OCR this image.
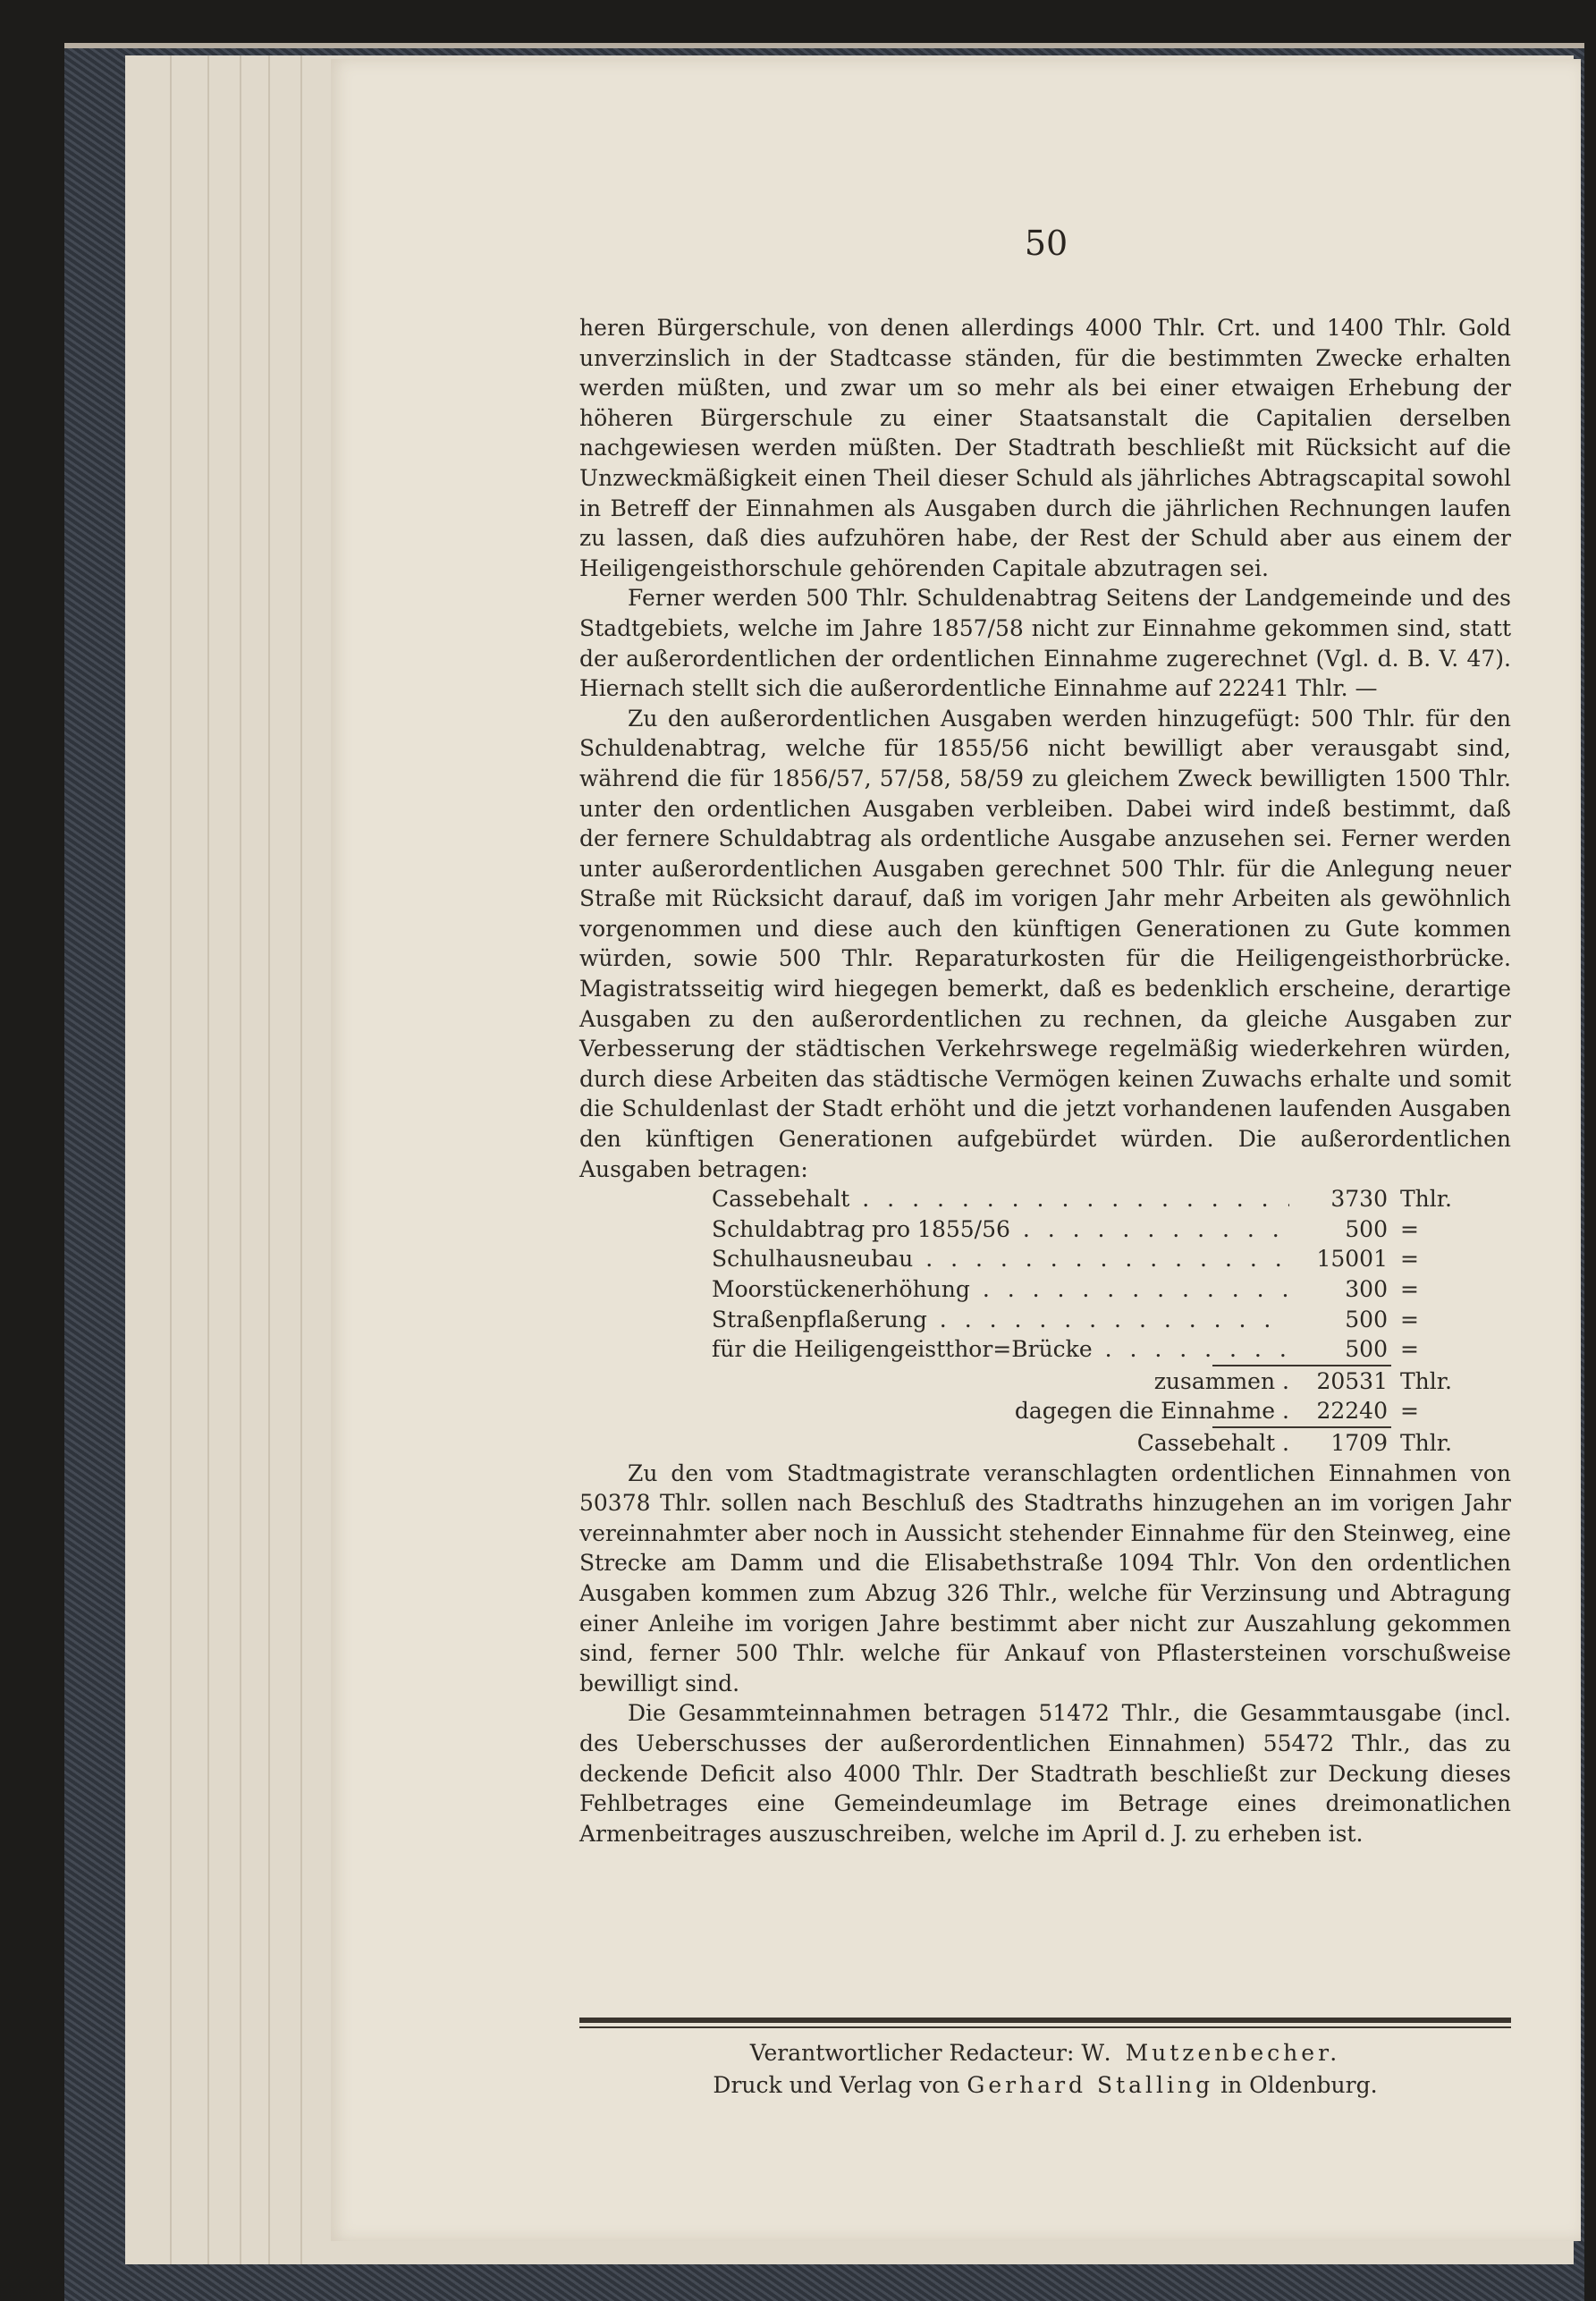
50

heren Bürgerschule, von denen allerdings 4000 Thlr. Crt. und 1400 Thlr. Gold unverzinslich in der Stadtcasse ständen, für die bestimmten Zwecke erhalten werden müßten, und zwar um so mehr als bei einer etwaigen Erhebung der höheren Bürgerschule zu einer Staatsanstalt die Capitalien derselben nachgewiesen werden müßten. Der Stadtrath beschließt mit Rücksicht auf die Unzweckmäßigkeit einen Theil dieser Schuld als jährliches Abtragscapital sowohl in Betreff der Einnahmen als Ausgaben durch die jährlichen Rechnungen laufen zu lassen, daß dies aufzuhören habe, der Rest der Schuld aber aus einem der Heiligengeisthorschule gehörenden Capitale abzutragen sei.

Ferner werden 500 Thlr. Schuldenabtrag Seitens der Landgemeinde und des Stadtgebiets, welche im Jahre 1857/58 nicht zur Einnahme gekommen sind, statt der außerordentlichen der ordentlichen Einnahme zugerechnet (Vgl. d. B. V. 47). Hiernach stellt sich die außerordentliche Einnahme auf 22241 Thlr. —

Zu den außerordentlichen Ausgaben werden hinzugefügt: 500 Thlr. für den Schuldenabtrag, welche für 1855/56 nicht bewilligt aber verausgabt sind, während die für 1856/57, 57/58, 58/59 zu gleichem Zweck bewilligten 1500 Thlr. unter den ordentlichen Ausgaben verbleiben. Dabei wird indeß bestimmt, daß der fernere Schuldabtrag als ordentliche Ausgabe anzusehen sei. Ferner werden unter außerordentlichen Ausgaben gerechnet 500 Thlr. für die Anlegung neuer Straße mit Rücksicht darauf, daß im vorigen Jahr mehr Arbeiten als gewöhnlich vorgenommen und diese auch den künftigen Generationen zu Gute kommen würden, sowie 500 Thlr. Reparaturkosten für die Heiligengeisthorbrücke. Magistratsseitig wird hiegegen bemerkt, daß es bedenklich erscheine, derartige Ausgaben zu den außerordentlichen zu rechnen, da gleiche Ausgaben zur Verbesserung der städtischen Verkehrswege regelmäßig wiederkehren würden, durch diese Arbeiten das städtische Vermögen keinen Zuwachs erhalte und somit die Schuldenlast der Stadt erhöht und die jetzt vorhandenen laufenden Ausgaben den künftigen Generationen aufgebürdet würden. Die außerordentlichen Ausgaben betragen:

Cassebehalt . . .	3730 Thlr.
Schuldabtrag pro 1855/56 . . .	500 =
Schulhausneubau . . .	15001 =
Moorstückenerhöhung . . .	300 =
Straßenpflaßerung . . .	500 =
für die Heiligengeistthor=Brücke . . .	500 =
zusammen .	20531 Thlr.
dagegen die Einnahme .	22240 =
Cassebehalt .	1709 Thlr.

Zu den vom Stadtmagistrate veranschlagten ordentlichen Einnahmen von 50378 Thlr. sollen nach Beschluß des Stadtraths hinzugehen an im vorigen Jahr vereinnahmter aber noch in Aussicht stehender Einnahme für den Steinweg, eine Strecke am Damm und die Elisabethstraße 1094 Thlr. Von den ordentlichen Ausgaben kommen zum Abzug 326 Thlr., welche für Verzinsung und Abtragung einer Anleihe im vorigen Jahre bestimmt aber nicht zur Auszahlung gekommen sind, ferner 500 Thlr. welche für Ankauf von Pflastersteinen vorschußweise bewilligt sind.

Die Gesammteinnahmen betragen 51472 Thlr., die Gesammtausgabe (incl. des Ueberschusses der außerordentlichen Einnahmen) 55472 Thlr., das zu deckende Deficit also 4000 Thlr. Der Stadtrath beschließt zur Deckung dieses Fehlbetrages eine Gemeindeumlage im Betrage eines dreimonatlichen Armenbeitrages auszuschreiben, welche im April d. J. zu erheben ist.

Verantwortlicher Redacteur: W. Mutzenbecher.
Druck und Verlag von Gerhard Stalling in Oldenburg.
